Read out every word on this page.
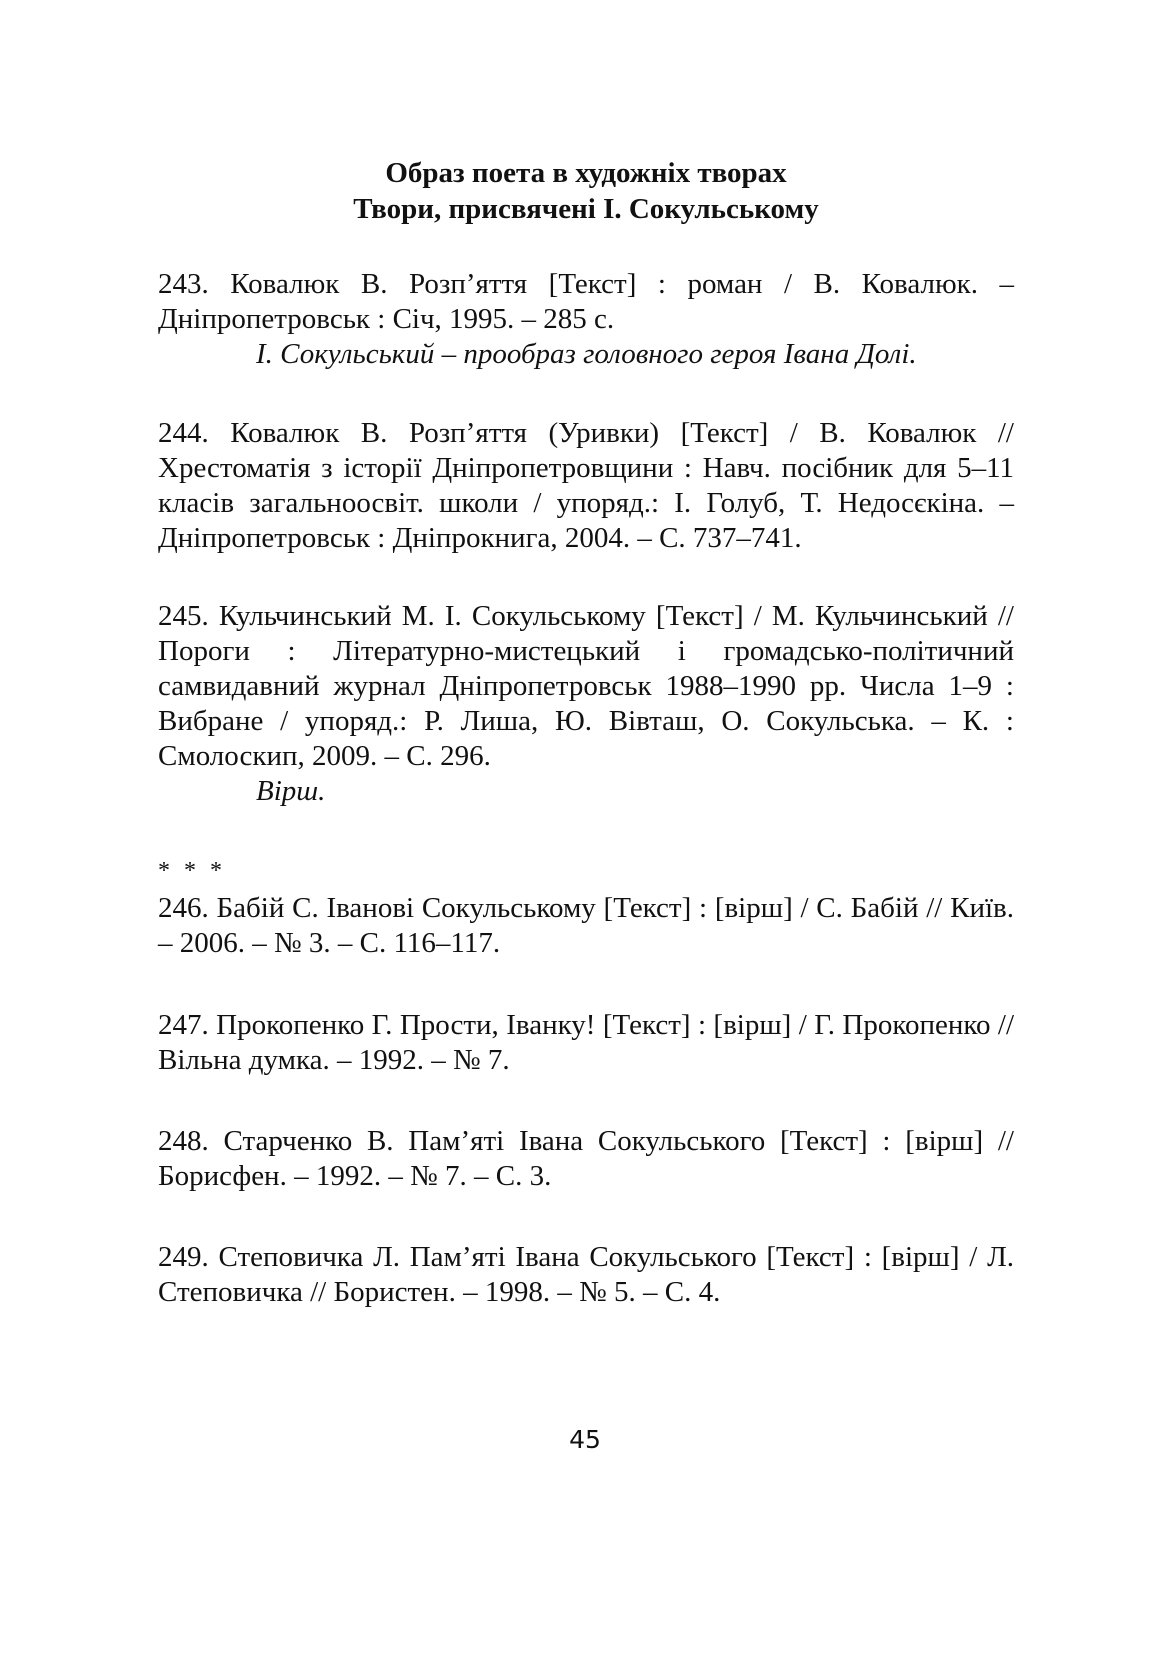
Образ поета в художніх творах
Твори, присвячені І. Сокульському
243. Ковалюк В. Розп’яття [Текст] : роман / В. Ковалюк. – Дніпропетровськ : Січ, 1995. – 285 с.
І. Сокульський – прообраз головного героя Івана Долі.
244. Ковалюк В. Розп’яття (Уривки) [Текст] / В. Ковалюк // Хрестоматія з історії Дніпропетровщини : Навч. посібник для 5–11 класів загальноосвіт. школи / упоряд.: І. Голуб, Т. Недосєкіна. – Дніпропетровськ : Дніпрокнига, 2004. – С. 737–741.
245. Кульчинський М. І. Сокульському [Текст] / М. Кульчинський // Пороги : Літературно-мистецький і громадсько-політичний самвидавний журнал Дніпропетровськ 1988–1990 рр. Числа 1–9 : Вибране / упоряд.: Р. Лиша, Ю. Вівташ, О. Сокульська. – К. : Смолоскип, 2009. – С. 296.
Вірш.
* * *
246. Бабій С. Іванові Сокульському [Текст] : [вірш] / С. Бабій // Київ. – 2006. – № 3. – С. 116–117.
247. Прокопенко Г. Прости, Іванку! [Текст] : [вірш] / Г. Прокопенко // Вільна думка. – 1992. – № 7.
248. Старченко В. Пам’яті Івана Сокульського [Текст] : [вірш] // Борисфен. – 1992. – № 7. – С. 3.
249. Степовичка Л. Пам’яті Івана Сокульського [Текст] : [вірш] / Л. Степовичка // Бористен. – 1998. – № 5. – С. 4.
45
